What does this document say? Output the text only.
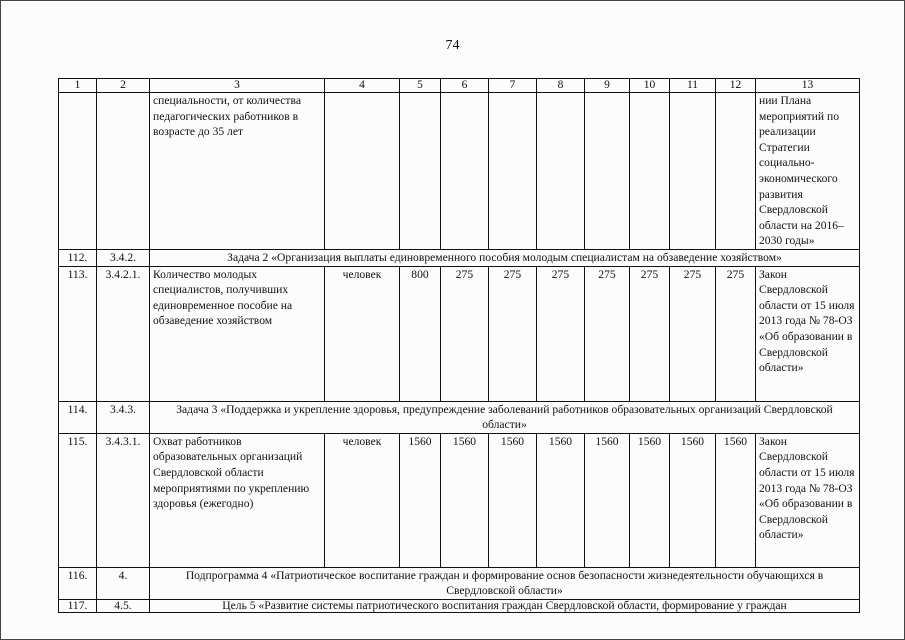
74
1	2	3	4	5	6	7	8	9	10	11	12	13
		специальности, от количества педагогических работников в возрасте до 35 лет										нии Плана мероприятий по реализации Стратегии социально-экономического развития Свердловской области на 2016–2030 годы»
112.	3.4.2.	Задача 2 «Организация выплаты единовременного пособия молодым специалистам на обзаведение хозяйством»										
113.	3.4.2.1.	Количество молодых специалистов, получивших единовременное пособие на обзаведение хозяйством	человек	800	275	275	275	275	275	275	275	Закон Свердловской области от 15 июля 2013 года № 78-ОЗ «Об образовании в Свердловской области»
114.	3.4.3.	Задача 3 «Поддержка и укрепление здоровья, предупреждение заболеваний работников образовательных организаций Свердловской области»										
115.	3.4.3.1.	Охват работников образовательных организаций Свердловской области мероприятиями по укреплению здоровья (ежегодно)	человек	1560	1560	1560	1560	1560	1560	1560	1560	Закон Свердловской области от 15 июля 2013 года № 78-ОЗ «Об образовании в Свердловской области»
116.	4.	Подпрограмма 4 «Патриотическое воспитание граждан и формирование основ безопасности жизнедеятельности обучающихся в Свердловской области»										
117.	4.5.	Цель 5 «Развитие системы патриотического воспитания граждан Свердловской области, формирование у граждан										
